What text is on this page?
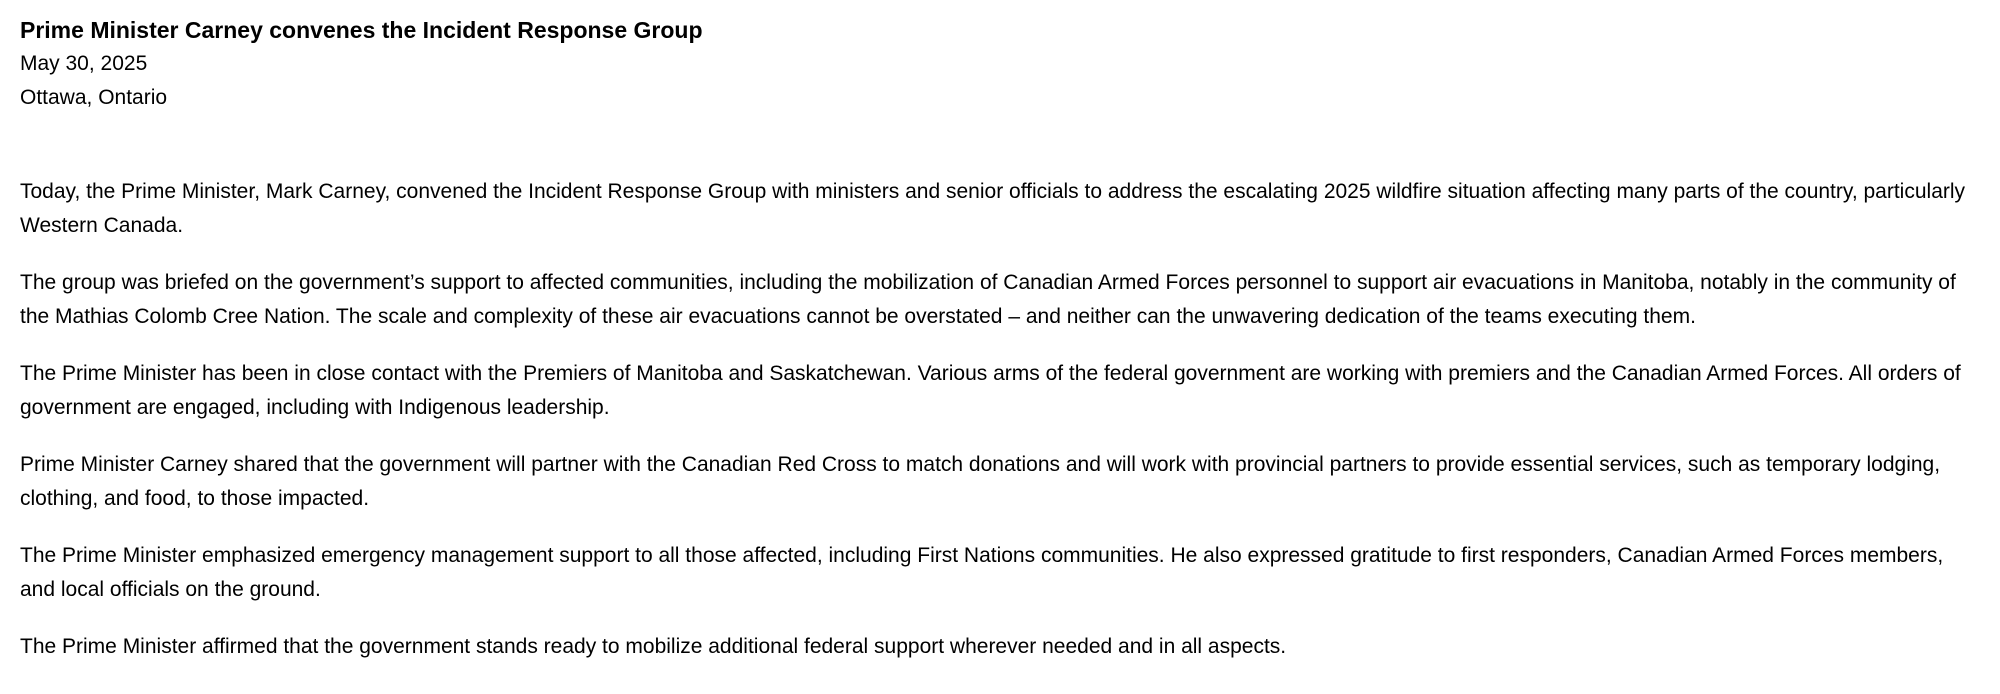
Prime Minister Carney convenes the Incident Response Group

May 30, 2025

Ottawa, Ontario

Today, the Prime Minister, Mark Carney, convened the Incident Response Group with ministers and senior officials to address the escalating 2025 wildfire situation affecting many parts of the country, particularly Western Canada.

The group was briefed on the government’s support to affected communities, including the mobilization of Canadian Armed Forces personnel to support air evacuations in Manitoba, notably in the community of the Mathias Colomb Cree Nation. The scale and complexity of these air evacuations cannot be overstated – and neither can the unwavering dedication of the teams executing them.

The Prime Minister has been in close contact with the Premiers of Manitoba and Saskatchewan. Various arms of the federal government are working with premiers and the Canadian Armed Forces. All orders of government are engaged, including with Indigenous leadership.

Prime Minister Carney shared that the government will partner with the Canadian Red Cross to match donations and will work with provincial partners to provide essential services, such as temporary lodging, clothing, and food, to those impacted.

The Prime Minister emphasized emergency management support to all those affected, including First Nations communities. He also expressed gratitude to first responders, Canadian Armed Forces members, and local officials on the ground.

The Prime Minister affirmed that the government stands ready to mobilize additional federal support wherever needed and in all aspects.
